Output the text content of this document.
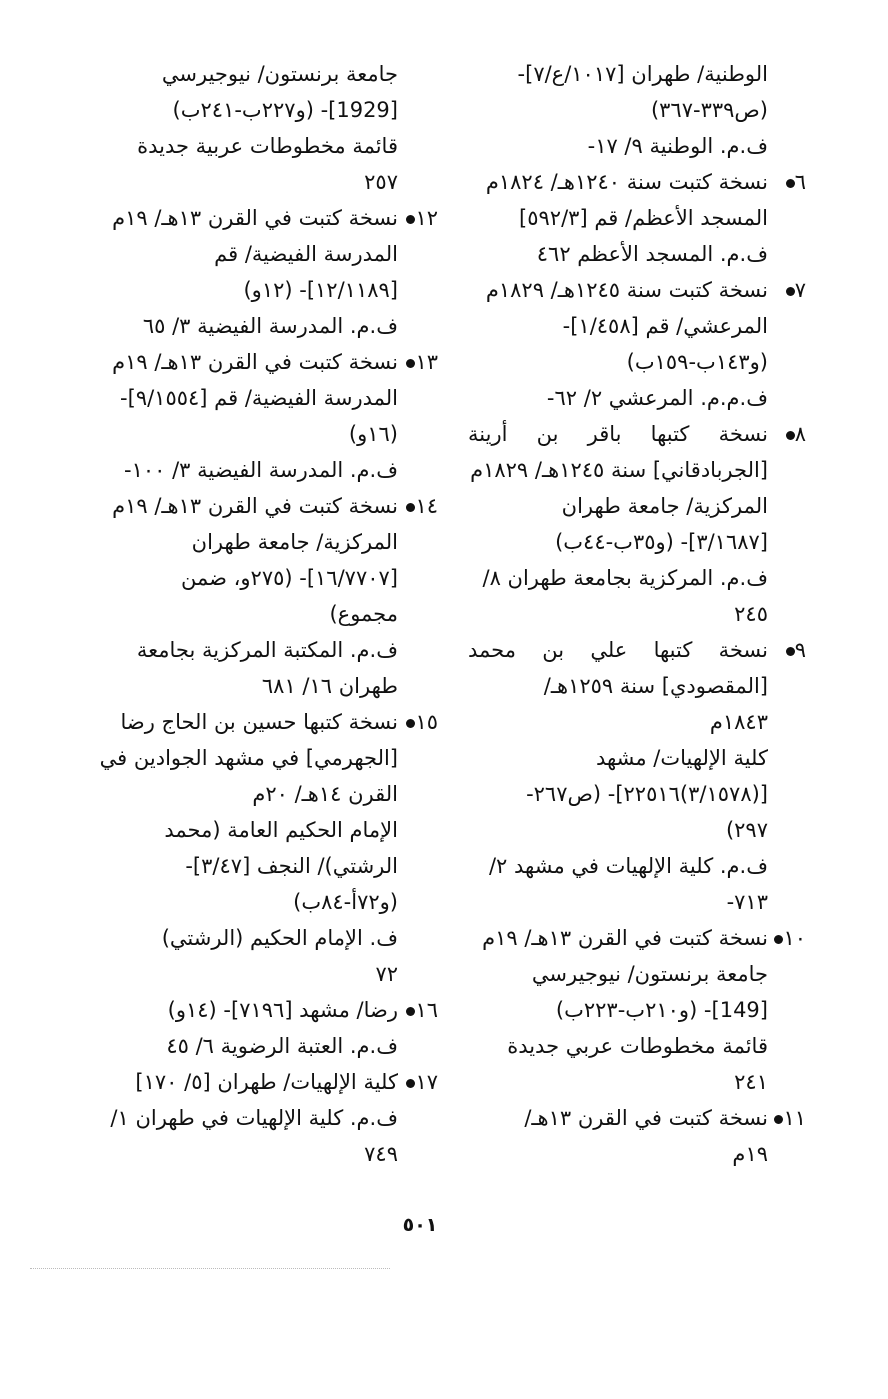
الوطنية/ طهران [١٠١٧/ع/٧]-
(ص٣٣٩-٣٦٧)
ف.م. الوطنية ٩/ ١٧-
٦
نسخة كتبت سنة ١٢٤٠هـ/ ١٨٢٤م
المسجد الأعظم/ قم [٥٩٢/٣]
ف.م. المسجد الأعظم ٤٦٢
٧
نسخة كتبت سنة ١٢٤٥هـ/ ١٨٢٩م
المرعشي/ قم [١/٤٥٨]-
(و١٤٣ب-١٥٩ب)
ف.م.م. المرعشي ٢/ ٦٢-
٨
نسخة كتبها باقر بن أرينة
[الجربادقاني] سنة ١٢٤٥هـ/ ١٨٢٩م
المركزية/ جامعة طهران
[٣/١٦٨٧]- (و٣٥ب-٤٤ب)
ف.م. المركزية بجامعة طهران ٨/
٢٤٥
٩
نسخة كتبها علي بن محمد
[المقصودي] سنة ١٢٥٩هـ/
١٨٤٣م
كلية الإلهيات/ مشهد
[(٣/١٥٧٨)٢٢٥١٦]- (ص٢٦٧-
٢٩٧)
ف.م. كلية الإلهيات في مشهد ٢/
٧١٣-
١٠
نسخة كتبت في القرن ١٣هـ/ ١٩م
جامعة برنستون/ نيوجيرسي
[149]- (و٢١٠ب-٢٢٣ب)
قائمة مخطوطات عربي جديدة
٢٤١
١١
نسخة كتبت في القرن ١٣هـ/
١٩م
جامعة برنستون/ نيوجيرسي
[1929]- (و٢٢٧ب-٢٤١ب)
قائمة مخطوطات عربية جديدة
٢٥٧
١٢
نسخة كتبت في القرن ١٣هـ/ ١٩م
المدرسة الفيضية/ قم
[١٢/١١٨٩]- (١٢و)
ف.م. المدرسة الفيضية ٣/ ٦٥
١٣
نسخة كتبت في القرن ١٣هـ/ ١٩م
المدرسة الفيضية/ قم [٩/١٥٥٤]-
(١٦و)
ف.م. المدرسة الفيضية ٣/ ١٠٠-
١٤
نسخة كتبت في القرن ١٣هـ/ ١٩م
المركزية/ جامعة طهران
[١٦/٧٧٠٧]- (٢٧٥و، ضمن
مجموع)
ف.م. المكتبة المركزية بجامعة
طهران ١٦/ ٦٨١
١٥
نسخة كتبها حسين بن الحاج رضا
[الجهرمي] في مشهد الجوادين في
القرن ١٤هـ/ ٢٠م
الإمام الحكيم العامة (محمد
الرشتي)/ النجف [٣/٤٧]-
(و٧٢أ-٨٤ب)
ف. الإمام الحكيم (الرشتي)
٧٢
١٦
رضا/ مشهد [٧١٩٦]- (١٤و)
ف.م. العتبة الرضوية ٦/ ٤٥
١٧
كلية الإلهيات/ طهران [٥/ ١٧٠]
ف.م. كلية الإلهيات في طهران ١/
٧٤٩
٥٠١
